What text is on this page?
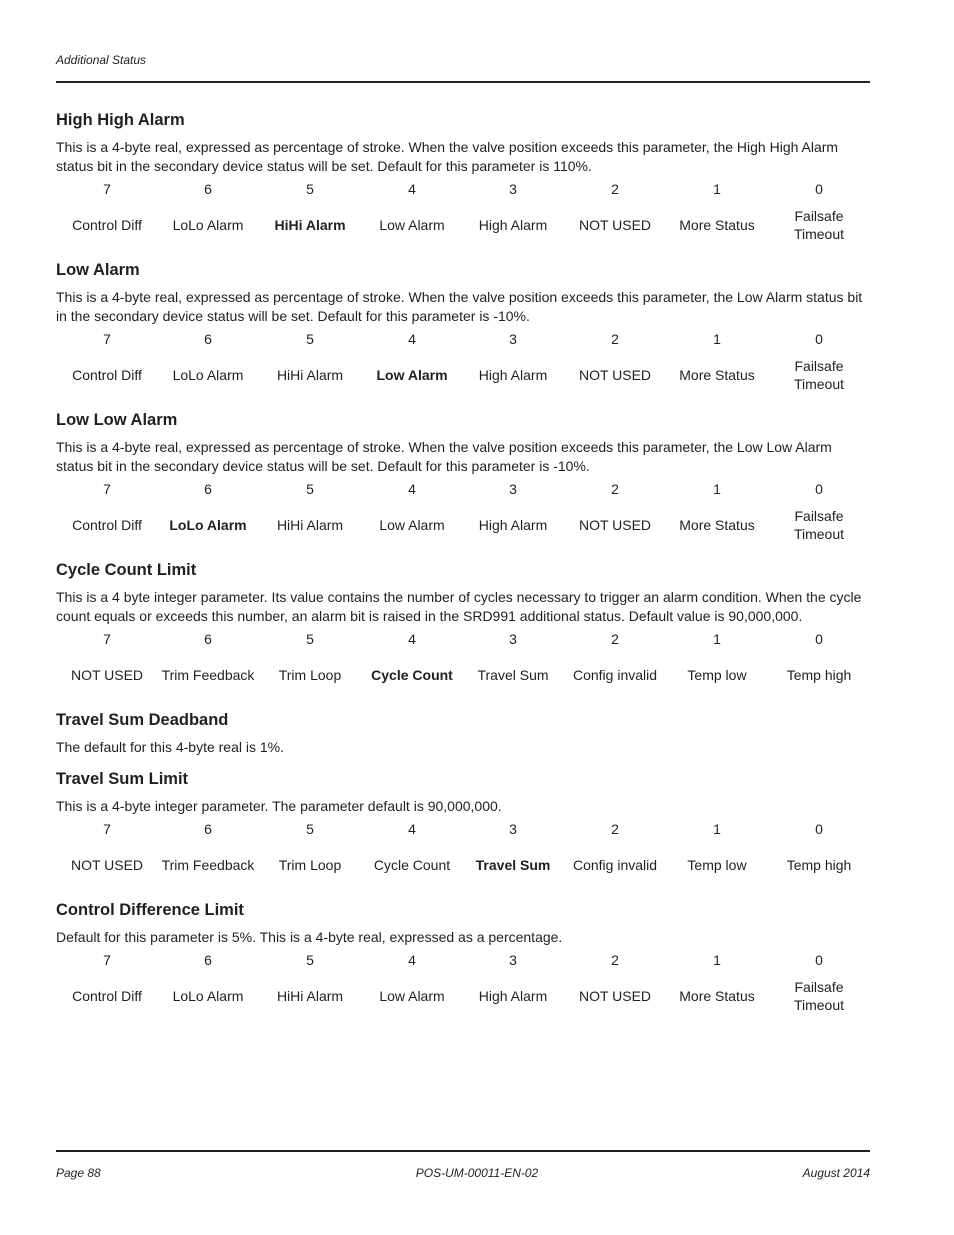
Additional Status
High High Alarm

This is a 4-byte real, expressed as percentage of stroke. When the valve position exceeds this parameter, the High High Alarm status bit in the secondary device status will be set. Default for this parameter is 110%.

7
Control Diff
6
LoLo Alarm
5
HiHi Alarm
4
Low Alarm
3
High Alarm
2
NOT USED
1
More Status
0
Failsafe Timeout
Low Alarm

This is a 4-byte real, expressed as percentage of stroke. When the valve position exceeds this parameter, the Low Alarm status bit in the secondary device status will be set. Default for this parameter is -10%.

7
Control Diff
6
LoLo Alarm
5
HiHi Alarm
4
Low Alarm
3
High Alarm
2
NOT USED
1
More Status
0
Failsafe Timeout
Low Low Alarm

This is a 4-byte real, expressed as percentage of stroke. When the valve position exceeds this parameter, the Low Low Alarm status bit in the secondary device status will be set. Default for this parameter is -10%.

7
Control Diff
6
LoLo Alarm
5
HiHi Alarm
4
Low Alarm
3
High Alarm
2
NOT USED
1
More Status
0
Failsafe Timeout
Cycle Count Limit

This is a 4 byte integer parameter. Its value contains the number of cycles necessary to trigger an alarm condition. When the cycle count equals or exceeds this number, an alarm bit is raised in the SRD991 additional status. Default value is 90,000,000.

7
NOT USED
6
Trim Feedback
5
Trim Loop
4
Cycle Count
3
Travel Sum
2
Config invalid
1
Temp low
0
Temp high
Travel Sum Deadband

The default for this 4-byte real is 1%.

Travel Sum Limit

This is a 4-byte integer parameter. The parameter default is 90,000,000.

7
NOT USED
6
Trim Feedback
5
Trim Loop
4
Cycle Count
3
Travel Sum
2
Config invalid
1
Temp low
0
Temp high
Control Difference Limit

Default for this parameter is 5%. This is a 4-byte real, expressed as a percentage.

7
Control Diff
6
LoLo Alarm
5
HiHi Alarm
4
Low Alarm
3
High Alarm
2
NOT USED
1
More Status
0
Failsafe Timeout
Page 88	POS-UM-00011-EN-02	August 2014
